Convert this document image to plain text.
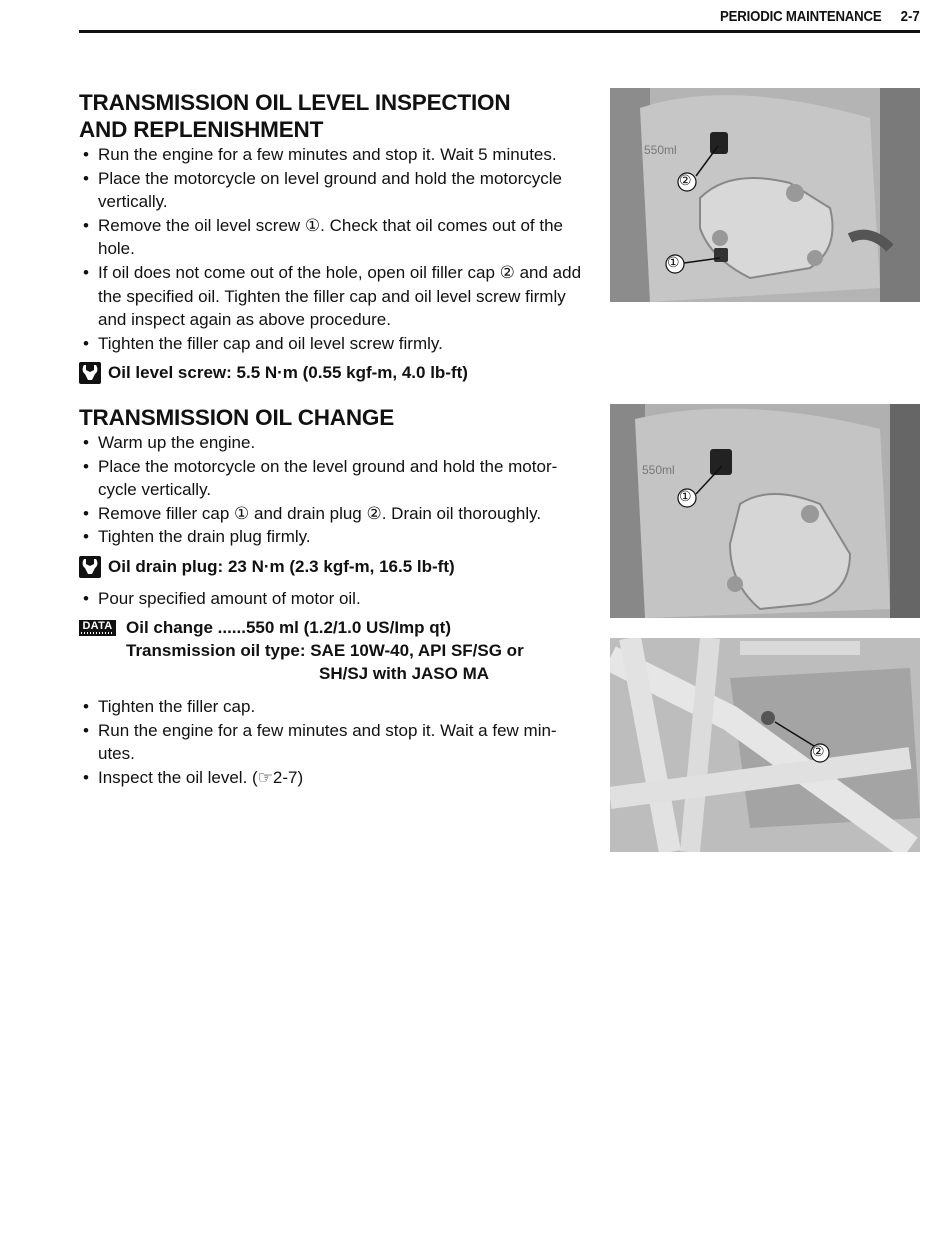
PERIODIC MAINTENANCE 2-7
TRANSMISSION OIL LEVEL INSPECTION
AND REPLENISHMENT
• Run the engine for a few minutes and stop it. Wait 5 minutes.
• Place the motorcycle on level ground and hold the motorcycle vertically.
• Remove the oil level screw ①. Check that oil comes out of the hole.
• If oil does not come out of the hole, open oil filler cap ② and add the specified oil. Tighten the filler cap and oil level screw firmly and inspect again as above procedure.
• Tighten the filler cap and oil level screw firmly.
Oil level screw: 5.5 N·m (0.55 kgf-m, 4.0 lb-ft)
TRANSMISSION OIL CHANGE
• Warm up the engine.
• Place the motorcycle on the level ground and hold the motor-cycle vertically.
• Remove filler cap ① and drain plug ②. Drain oil thoroughly.
• Tighten the drain plug firmly.
Oil drain plug: 23 N·m (2.3 kgf-m, 16.5 lb-ft)
• Pour specified amount of motor oil.
DATA Oil change ......550 ml (1.2/1.0 US/Imp qt)
Transmission oil type: SAE 10W-40, API SF/SG or
SH/SJ with JASO MA
• Tighten the filler cap.
• Run the engine for a few minutes and stop it. Wait a few min-utes.
• Inspect the oil level. (☞2-7)
550ml
②
①
550ml
①
②
